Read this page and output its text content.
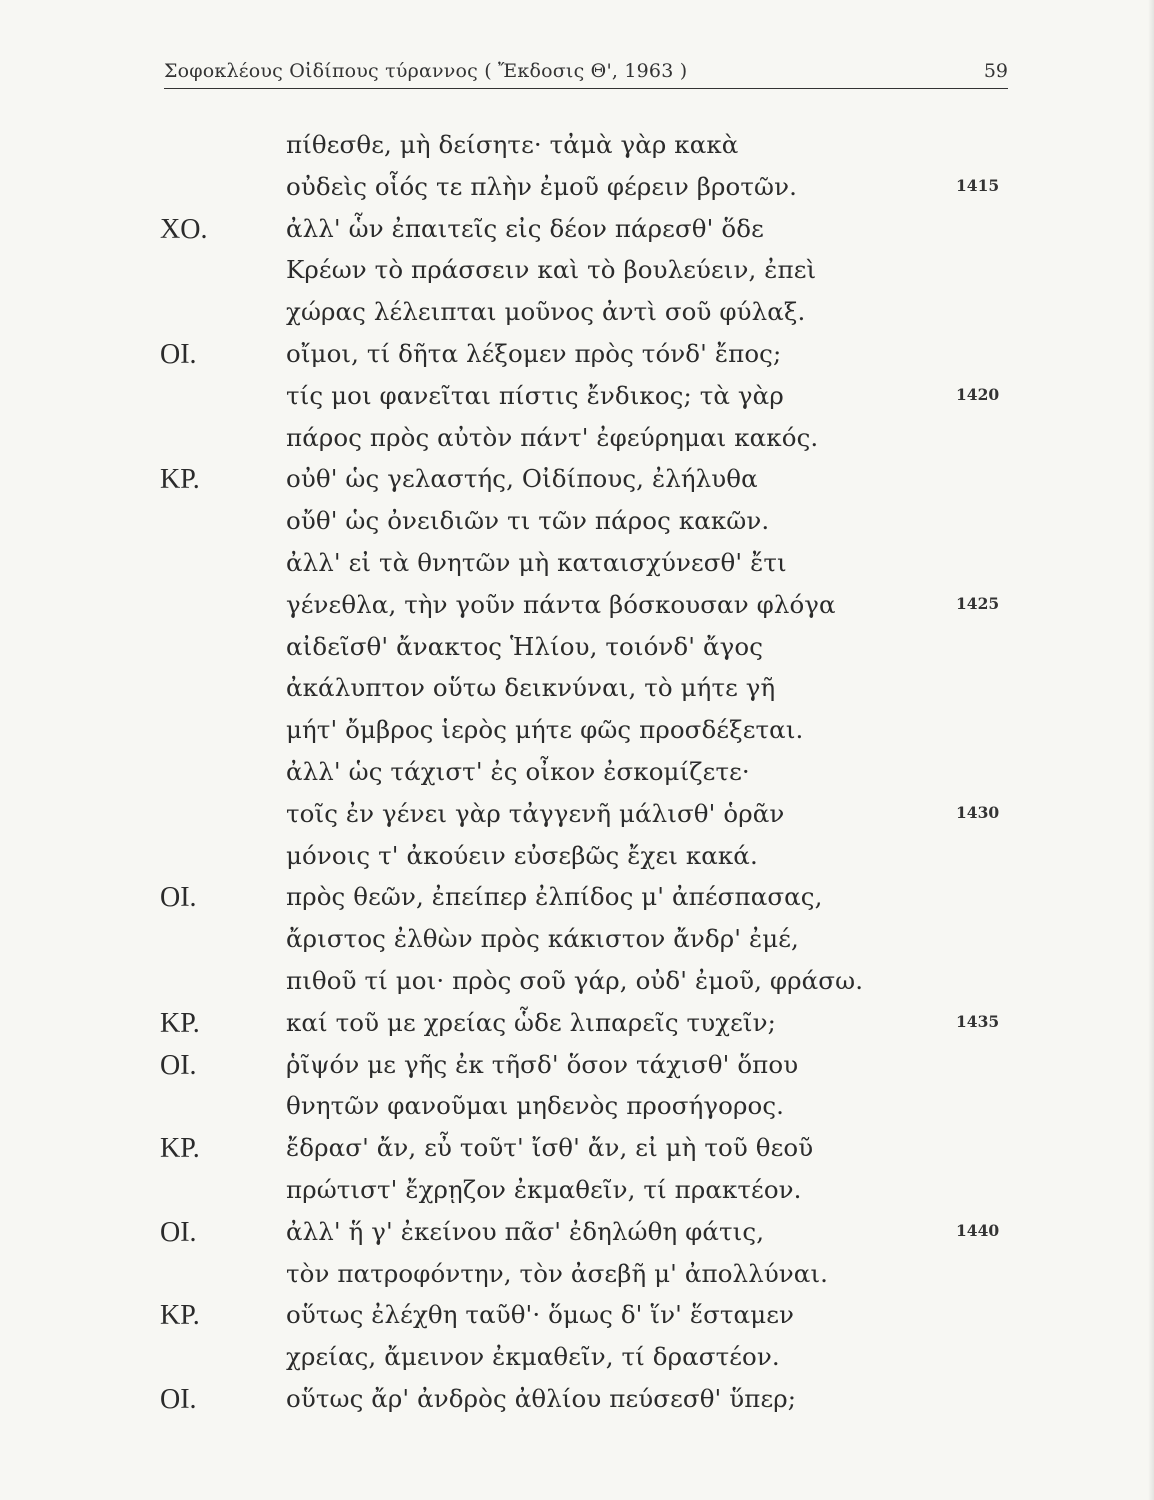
Σοφοκλέους Οἰδίπους τύραννος ( Ἔκδοσις Θ', 1963 )	59
πίθεσθε, μὴ δείσητε· τἀμὰ γὰρ κακὰ
οὐδεὶς οἷός τε πλὴν ἐμοῦ φέρειν βροτῶν.	1415
ΧΟ.	ἀλλ' ὧν ἐπαιτεῖς εἰς δέον πάρεσθ' ὅδε
Κρέων τὸ πράσσειν καὶ τὸ βουλεύειν, ἐπεὶ
χώρας λέλειπται μοῦνος ἀντὶ σοῦ φύλαξ.
ΟΙ.	οἴμοι, τί δῆτα λέξομεν πρὸς τόνδ' ἔπος;
τίς μοι φανεῖται πίστις ἔνδικος; τὰ γὰρ	1420
πάρος πρὸς αὐτὸν πάντ' ἐφεύρημαι κακός.
ΚΡ.	οὐθ' ὡς γελαστής, Οἰδίπους, ἐλήλυθα
οὔθ' ὡς ὀνειδιῶν τι τῶν πάρος κακῶν.
ἀλλ' εἰ τὰ θνητῶν μὴ καταισχύνεσθ' ἔτι
γένεθλα, τὴν γοῦν πάντα βόσκουσαν φλόγα	1425
αἰδεῖσθ' ἄνακτος Ἡλίου, τοιόνδ' ἄγος
ἀκάλυπτον οὕτω δεικνύναι, τὸ μήτε γῆ
μήτ' ὄμβρος ἱερὸς μήτε φῶς προσδέξεται.
ἀλλ' ὡς τάχιστ' ἐς οἶκον ἐσκομίζετε·
τοῖς ἐν γένει γὰρ τἀγγενῆ μάλισθ' ὁρᾶν	1430
μόνοις τ' ἀκούειν εὐσεβῶς ἔχει κακά.
ΟΙ.	πρὸς θεῶν, ἐπείπερ ἐλπίδος μ' ἀπέσπασας,
ἄριστος ἐλθὼν πρὸς κάκιστον ἄνδρ' ἐμέ,
πιθοῦ τί μοι· πρὸς σοῦ γάρ, οὐδ' ἐμοῦ, φράσω.
ΚΡ.	καί τοῦ με χρείας ὧδε λιπαρεῖς τυχεῖν;	1435
ΟΙ.	ῥῖψόν με γῆς ἐκ τῆσδ' ὅσον τάχισθ' ὅπου
θνητῶν φανοῦμαι μηδενὸς προσήγορος.
ΚΡ.	ἔδρασ' ἄν, εὖ τοῦτ' ἴσθ' ἄν, εἰ μὴ τοῦ θεοῦ
πρώτιστ' ἔχρῃζον ἐκμαθεῖν, τί πρακτέον.
ΟΙ.	ἀλλ' ἥ γ' ἐκείνου πᾶσ' ἐδηλώθη φάτις,	1440
τὸν πατροφόντην, τὸν ἀσεβῆ μ' ἀπολλύναι.
ΚΡ.	οὕτως ἐλέχθη ταῦθ'· ὅμως δ' ἵν' ἕσταμεν
χρείας, ἄμεινον ἐκμαθεῖν, τί δραστέον.
ΟΙ.	οὕτως ἄρ' ἀνδρὸς ἀθλίου πεύσεσθ' ὕπερ;
